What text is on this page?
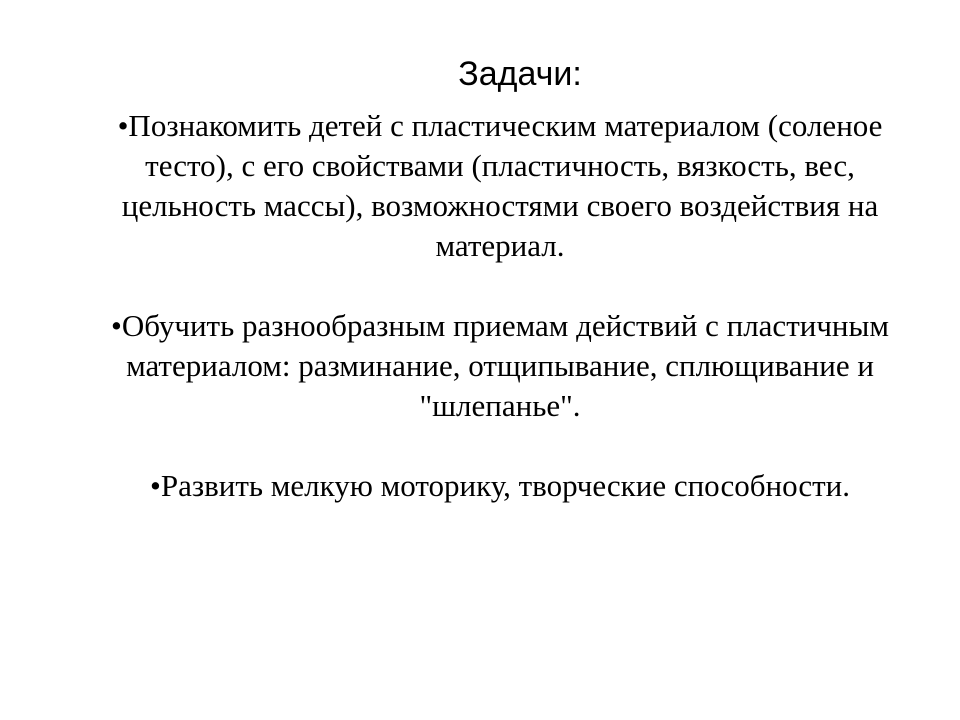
Задачи:

•Познакомить детей с пластическим материалом (соленое тесто), с его свойствами (пластичность, вязкость, вес, цельность массы), возможностями своего воздействия на материал.

•Обучить разнообразным приемам действий с пластичным материалом: разминание, отщипывание, сплющивание и "шлепанье".

•Развить мелкую моторику, творческие способности.
